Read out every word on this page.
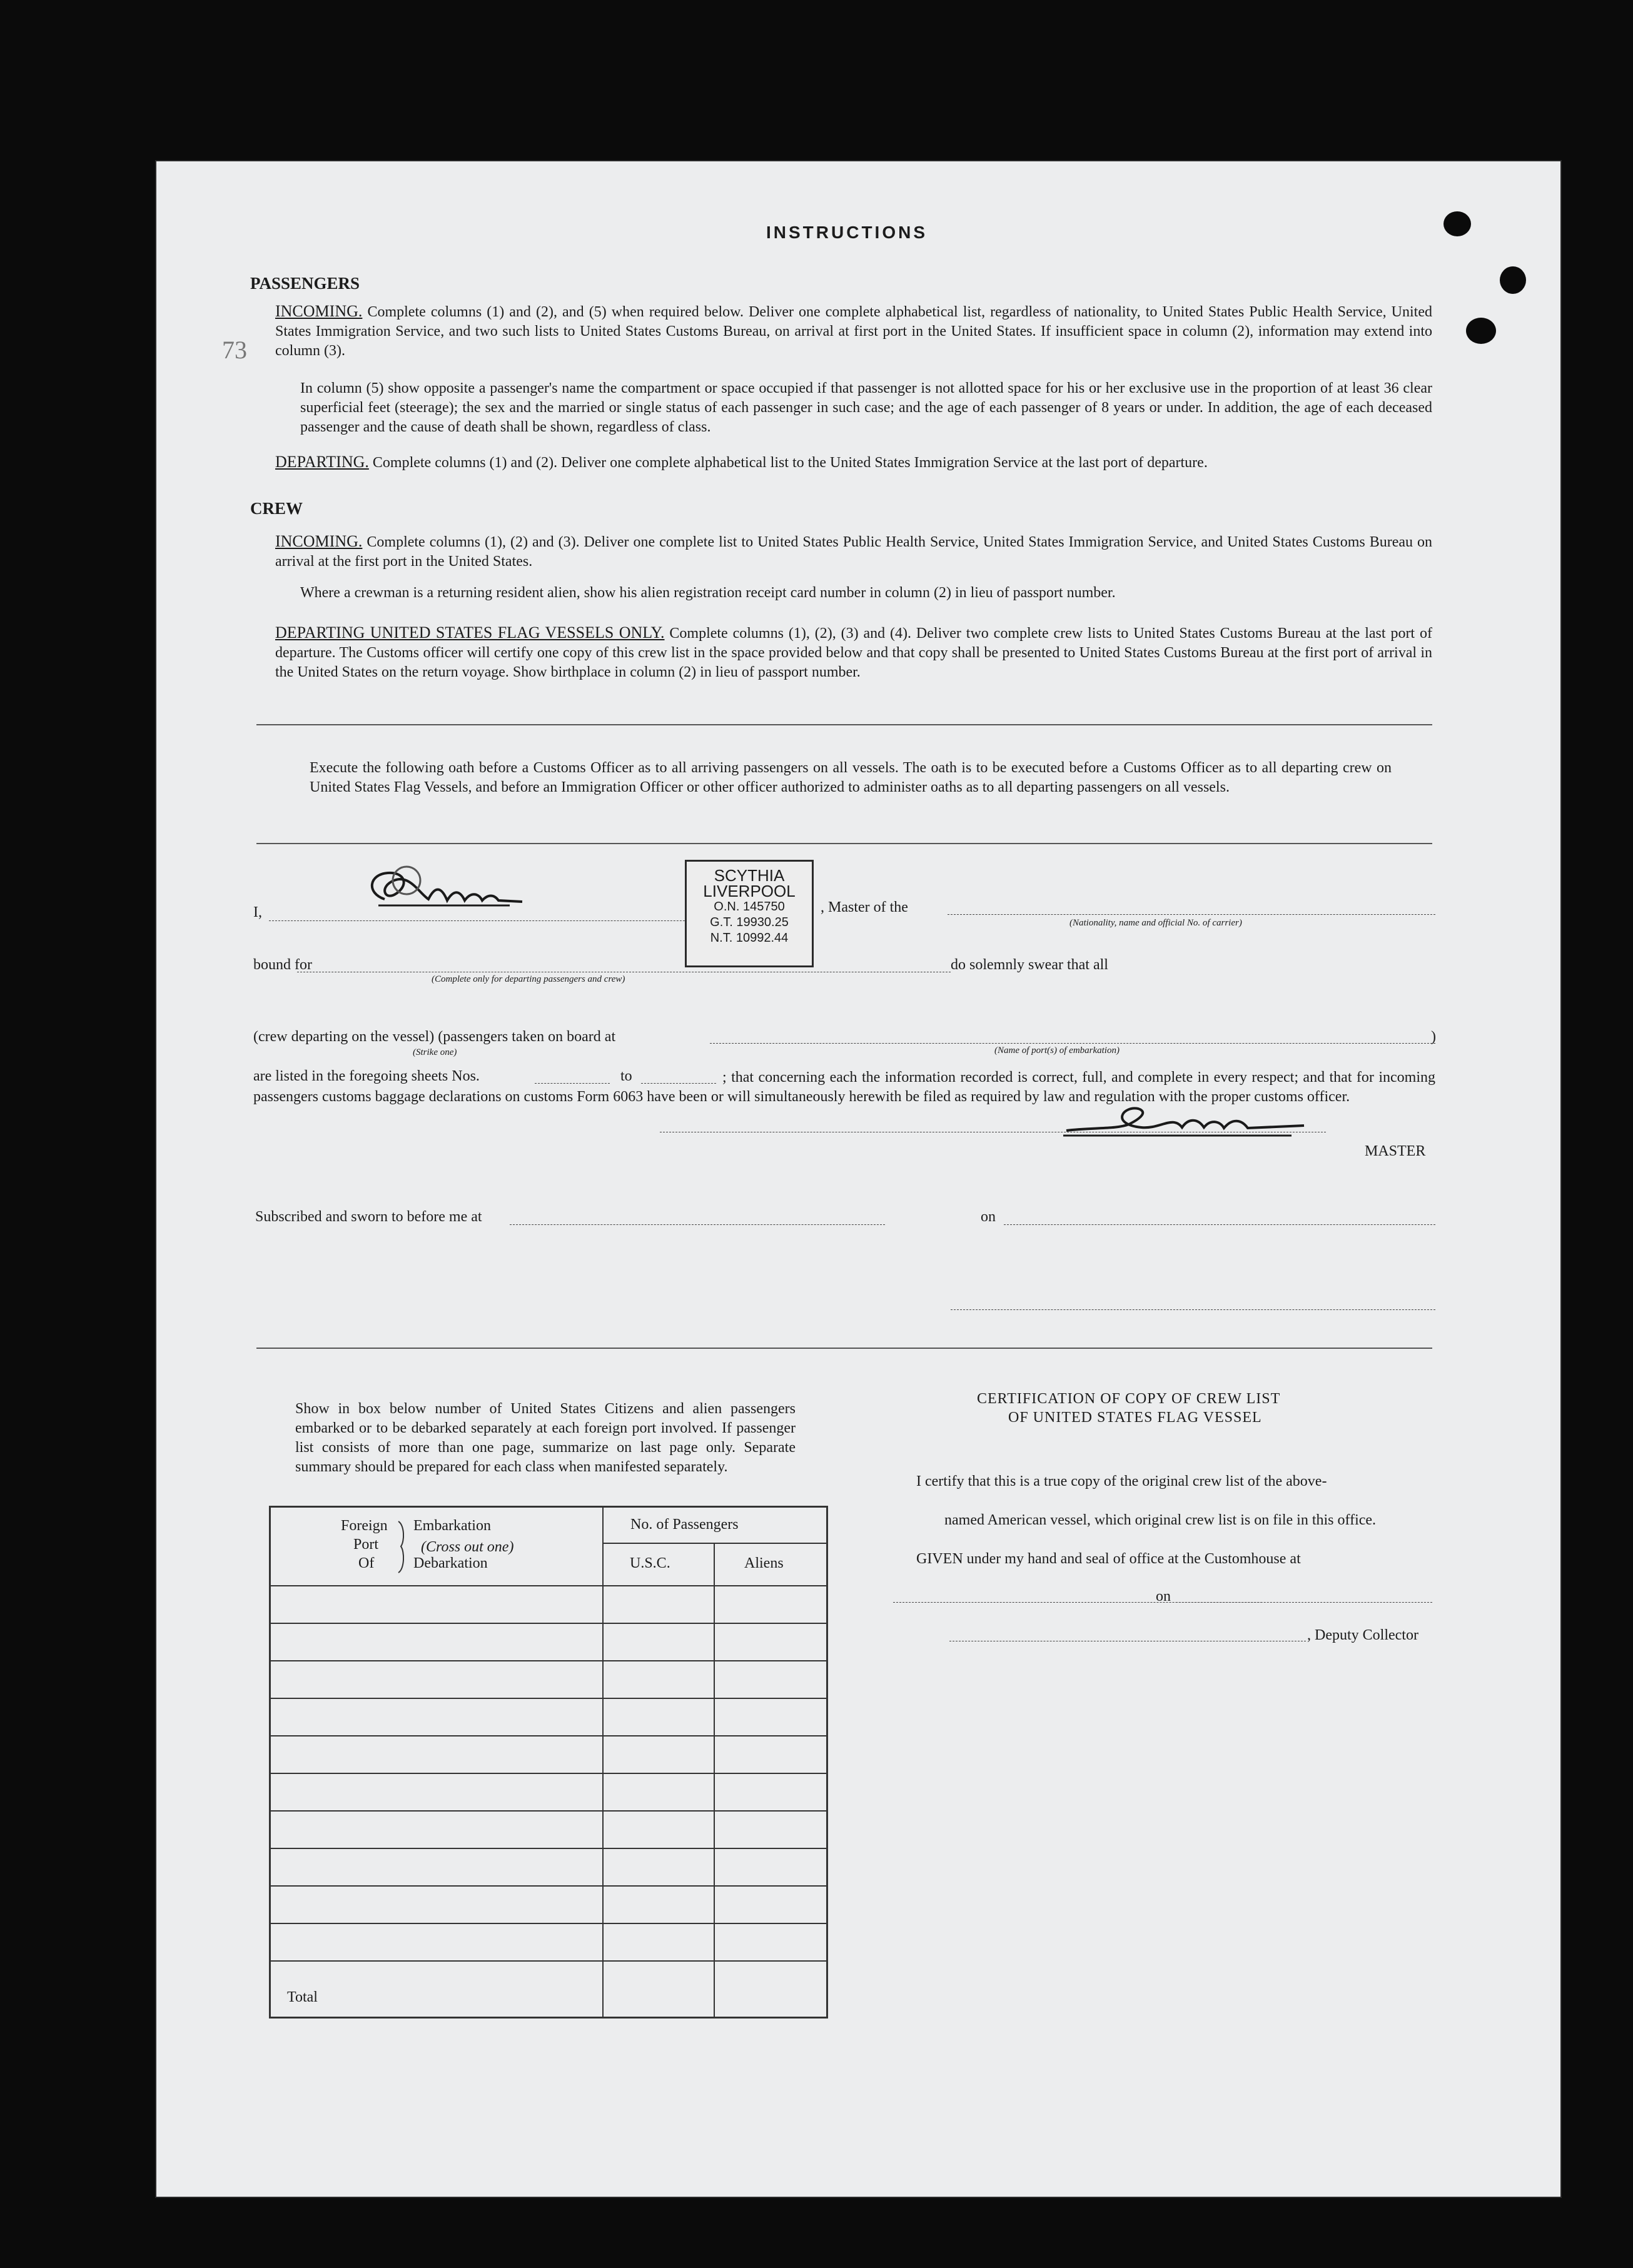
INSTRUCTIONS
73
PASSENGERS
INCOMING. Complete columns (1) and (2), and (5) when required below. Deliver one complete alphabetical list, regardless of nationality, to United States Public Health Service, United States Immigration Service, and two such lists to United States Customs Bureau, on arrival at first port in the United States. If insufficient space in column (2), information may extend into column (3).
In column (5) show opposite a passenger's name the compartment or space occupied if that passenger is not allotted space for his or her exclusive use in the proportion of at least 36 clear superficial feet (steerage); the sex and the married or single status of each passenger in such case; and the age of each passenger of 8 years or under. In addition, the age of each deceased passenger and the cause of death shall be shown, regardless of class.
DEPARTING. Complete columns (1) and (2). Deliver one complete alphabetical list to the United States Immigration Service at the last port of departure.
CREW
INCOMING. Complete columns (1), (2) and (3). Deliver one complete list to United States Public Health Service, United States Immigration Service, and United States Customs Bureau on arrival at the first port in the United States.
Where a crewman is a returning resident alien, show his alien registration receipt card number in column (2) in lieu of passport number.
DEPARTING UNITED STATES FLAG VESSELS ONLY. Complete columns (1), (2), (3) and (4). Deliver two complete crew lists to United States Customs Bureau at the last port of departure. The Customs officer will certify one copy of this crew list in the space provided below and that copy shall be presented to United States Customs Bureau at the first port of arrival in the United States on the return voyage. Show birthplace in column (2) in lieu of passport number.
Execute the following oath before a Customs Officer as to all arriving passengers on all vessels. The oath is to be executed before a Customs Officer as to all departing crew on United States Flag Vessels, and before an Immigration Officer or other officer authorized to administer oaths as to all departing passengers on all vessels.
I,
SCYTHIA
LIVERPOOL
O.N. 145750
G.T. 19930.25
N.T. 10992.44
, Master of the
(Nationality, name and official No. of carrier)
bound for
(Complete only for departing passengers and crew)
do solemnly swear that all
(crew departing on the vessel) (passengers taken on board at
(Strike one)	(Name of port(s) of embarkation)
)
are listed in the foregoing sheets Nos.	to	; that concerning each the information recorded is correct, full, and complete in every respect; and that for incoming passengers customs baggage declarations on customs Form 6063 have been or will simultaneously herewith be filed as required by law and regulation with the proper customs officer.
MASTER
Subscribed and sworn to before me at	on
Show in box below number of United States Citizens and alien passengers embarked or to be debarked separately at each foreign port involved. If passenger list consists of more than one page, summarize on last page only. Separate summary should be prepared for each class when manifested separately.
Foreign
Port
Of
Embarkation
(Cross out one)
Debarkation
No. of Passengers
U.S.C.	Aliens
Total
CERTIFICATION OF COPY OF CREW LIST
OF UNITED STATES FLAG VESSEL
I certify that this is a true copy of the original crew list of the above-
named American vessel, which original crew list is on file in this office.
GIVEN under my hand and seal of office at the Customhouse at
on
, Deputy Collector
